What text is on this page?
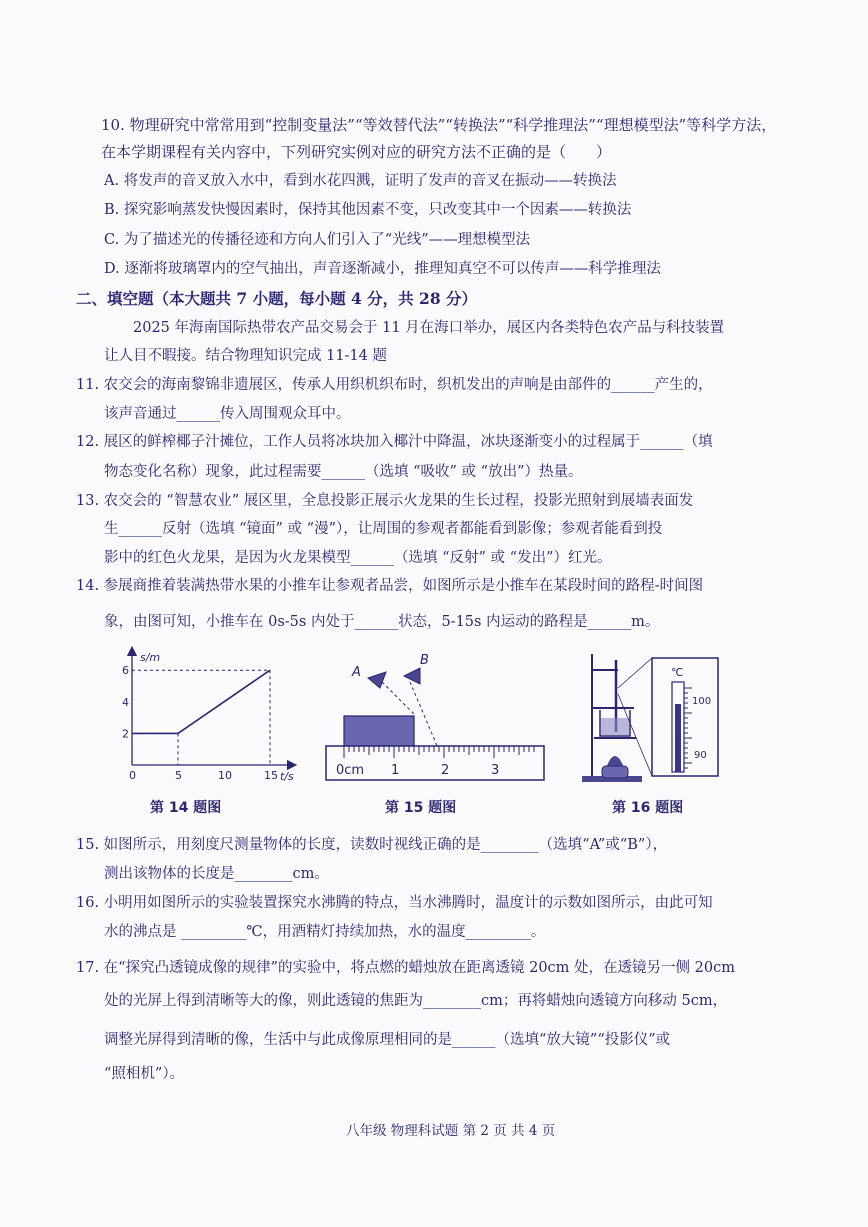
10. 物理研究中常常用到“控制变量法”“等效替代法”“转换法”“科学推理法”“理想模型法”等科学方法，
在本学期课程有关内容中，下列研究实例对应的研究方法不正确的是（　　）
A. 将发声的音叉放入水中，看到水花四溅，证明了发声的音叉在振动——转换法
B. 探究影响蒸发快慢因素时，保持其他因素不变，只改变其中一个因素——转换法
C. 为了描述光的传播径迹和方向人们引入了“光线”——理想模型法
D. 逐渐将玻璃罩内的空气抽出，声音逐渐减小，推理知真空不可以传声——科学推理法
二、填空题（本大题共 7 小题，每小题 4 分，共 28 分）
2025 年海南国际热带农产品交易会于 11 月在海口举办，展区内各类特色农产品与科技装置
让人目不暇接。结合物理知识完成 11-14 题
11. 农交会的海南黎锦非遗展区，传承人用织机织布时，织机发出的声响是由部件的______产生的，
该声音通过______传入周围观众耳中。
12. 展区的鲜榨椰子汁摊位，工作人员将冰块加入椰汁中降温，冰块逐渐变小的过程属于______（填
物态变化名称）现象，此过程需要______（选填 “吸收” 或 “放出”）热量。
13. 农交会的 “智慧农业” 展区里，全息投影正展示火龙果的生长过程，投影光照射到展墙表面发
生______反射（选填 “镜面” 或 “漫”），让周围的参观者都能看到影像；参观者能看到投
影中的红色火龙果，是因为火龙果模型______（选填 “反射” 或 “发出”）红光。
14. 参展商推着装满热带水果的小推车让参观者品尝，如图所示是小推车在某段时间的路程-时间图
象，由图可知，小推车在 0s-5s 内处于______状态，5-15s 内运动的路程是______m。
s/m
t/s
2
4
6
0	5	10	15
第 14 题图
A
B
0cm 1	2	3
第 15 题图
℃
100
90
第 16 题图
15. 如图所示，用刻度尺测量物体的长度，读数时视线正确的是________（选填“A”或“B”），
测出该物体的长度是________cm。
16. 小明用如图所示的实验装置探究水沸腾的特点，当水沸腾时，温度计的示数如图所示，由此可知
水的沸点是 _________℃，用酒精灯持续加热，水的温度_________。
17. 在“探究凸透镜成像的规律”的实验中，将点燃的蜡烛放在距离透镜 20cm 处，在透镜另一侧 20cm
处的光屏上得到清晰等大的像，则此透镜的焦距为________cm；再将蜡烛向透镜方向移动 5cm，
调整光屏得到清晰的像，生活中与此成像原理相同的是______（选填“放大镜”“投影仪”或
“照相机”）。
八年级 物理科试题 第 2 页 共 4 页
